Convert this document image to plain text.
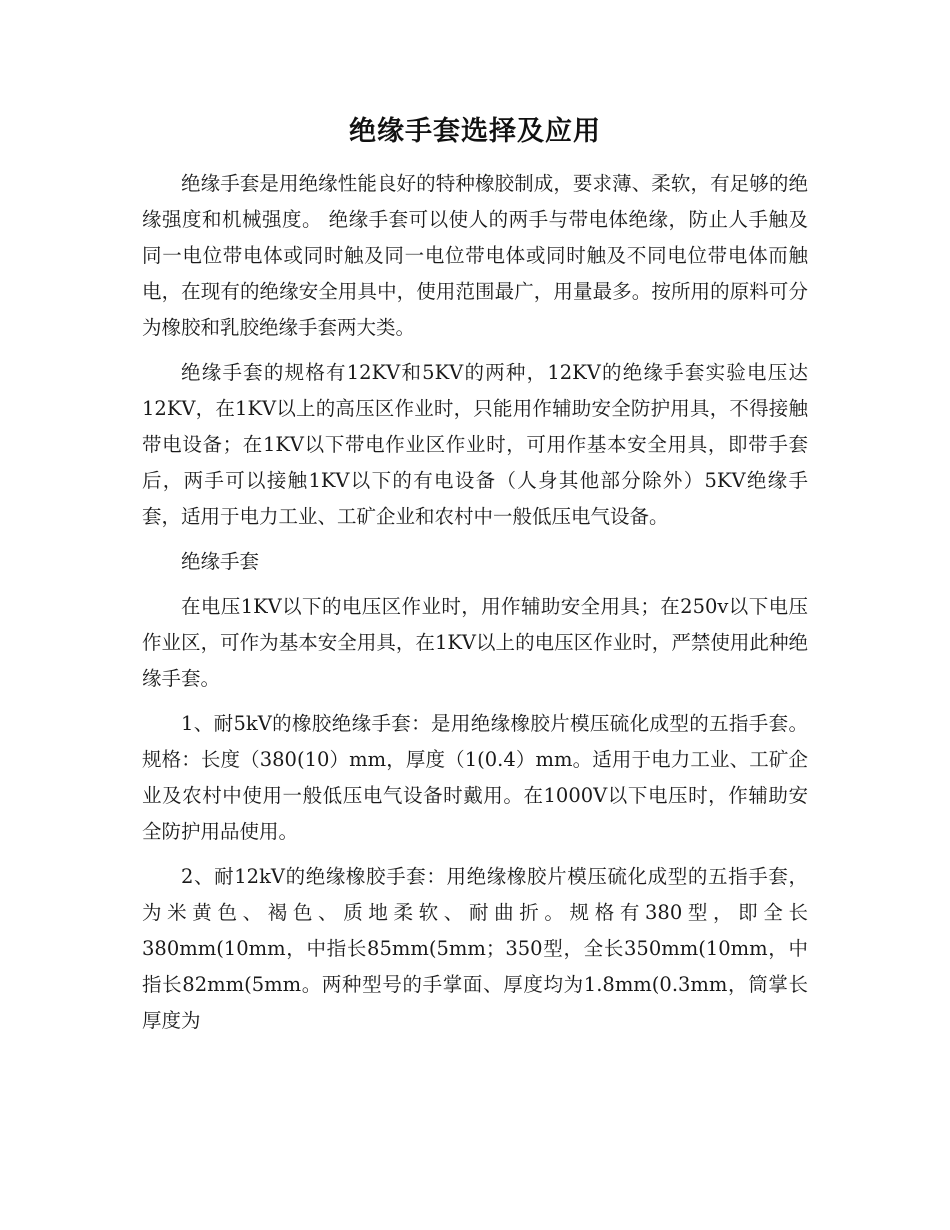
绝缘手套选择及应用

绝缘手套是用绝缘性能良好的特种橡胶制成，要求薄、柔软，有足够的绝缘强度和机械强度。 绝缘手套可以使人的两手与带电体绝缘，防止人手触及同一电位带电体或同时触及同一电位带电体或同时触及不同电位带电体而触电，在现有的绝缘安全用具中，使用范围最广，用量最多。按所用的原料可分为橡胶和乳胶绝缘手套两大类。

绝缘手套的规格有12KV和5KV的两种，12KV的绝缘手套实验电压达12KV，在1KV以上的高压区作业时，只能用作辅助安全防护用具，不得接触带电设备；在1KV以下带电作业区作业时，可用作基本安全用具，即带手套后，两手可以接触1KV以下的有电设备（人身其他部分除外）5KV绝缘手套，适用于电力工业、工矿企业和农村中一般低压电气设备。

绝缘手套

在电压1KV以下的电压区作业时，用作辅助安全用具；在250v以下电压作业区，可作为基本安全用具，在1KV以上的电压区作业时，严禁使用此种绝缘手套。

1、耐5kV的橡胶绝缘手套：是用绝缘橡胶片模压硫化成型的五指手套。规格：长度（380(10）mm，厚度（1(0.4）mm。适用于电力工业、工矿企业及农村中使用一般低压电气设备时戴用。在1000V以下电压时，作辅助安全防护用品使用。

2、耐12kV的绝缘橡胶手套：用绝缘橡胶片模压硫化成型的五指手套，为米黄色、褐色、质地柔软、耐曲折。规格有380型，即全长380mm(10mm，中指长85mm(5mm；350型，全长350mm(10mm，中指长82mm(5mm。两种型号的手掌面、厚度均为1.8mm(0.3mm，筒掌长厚度为
